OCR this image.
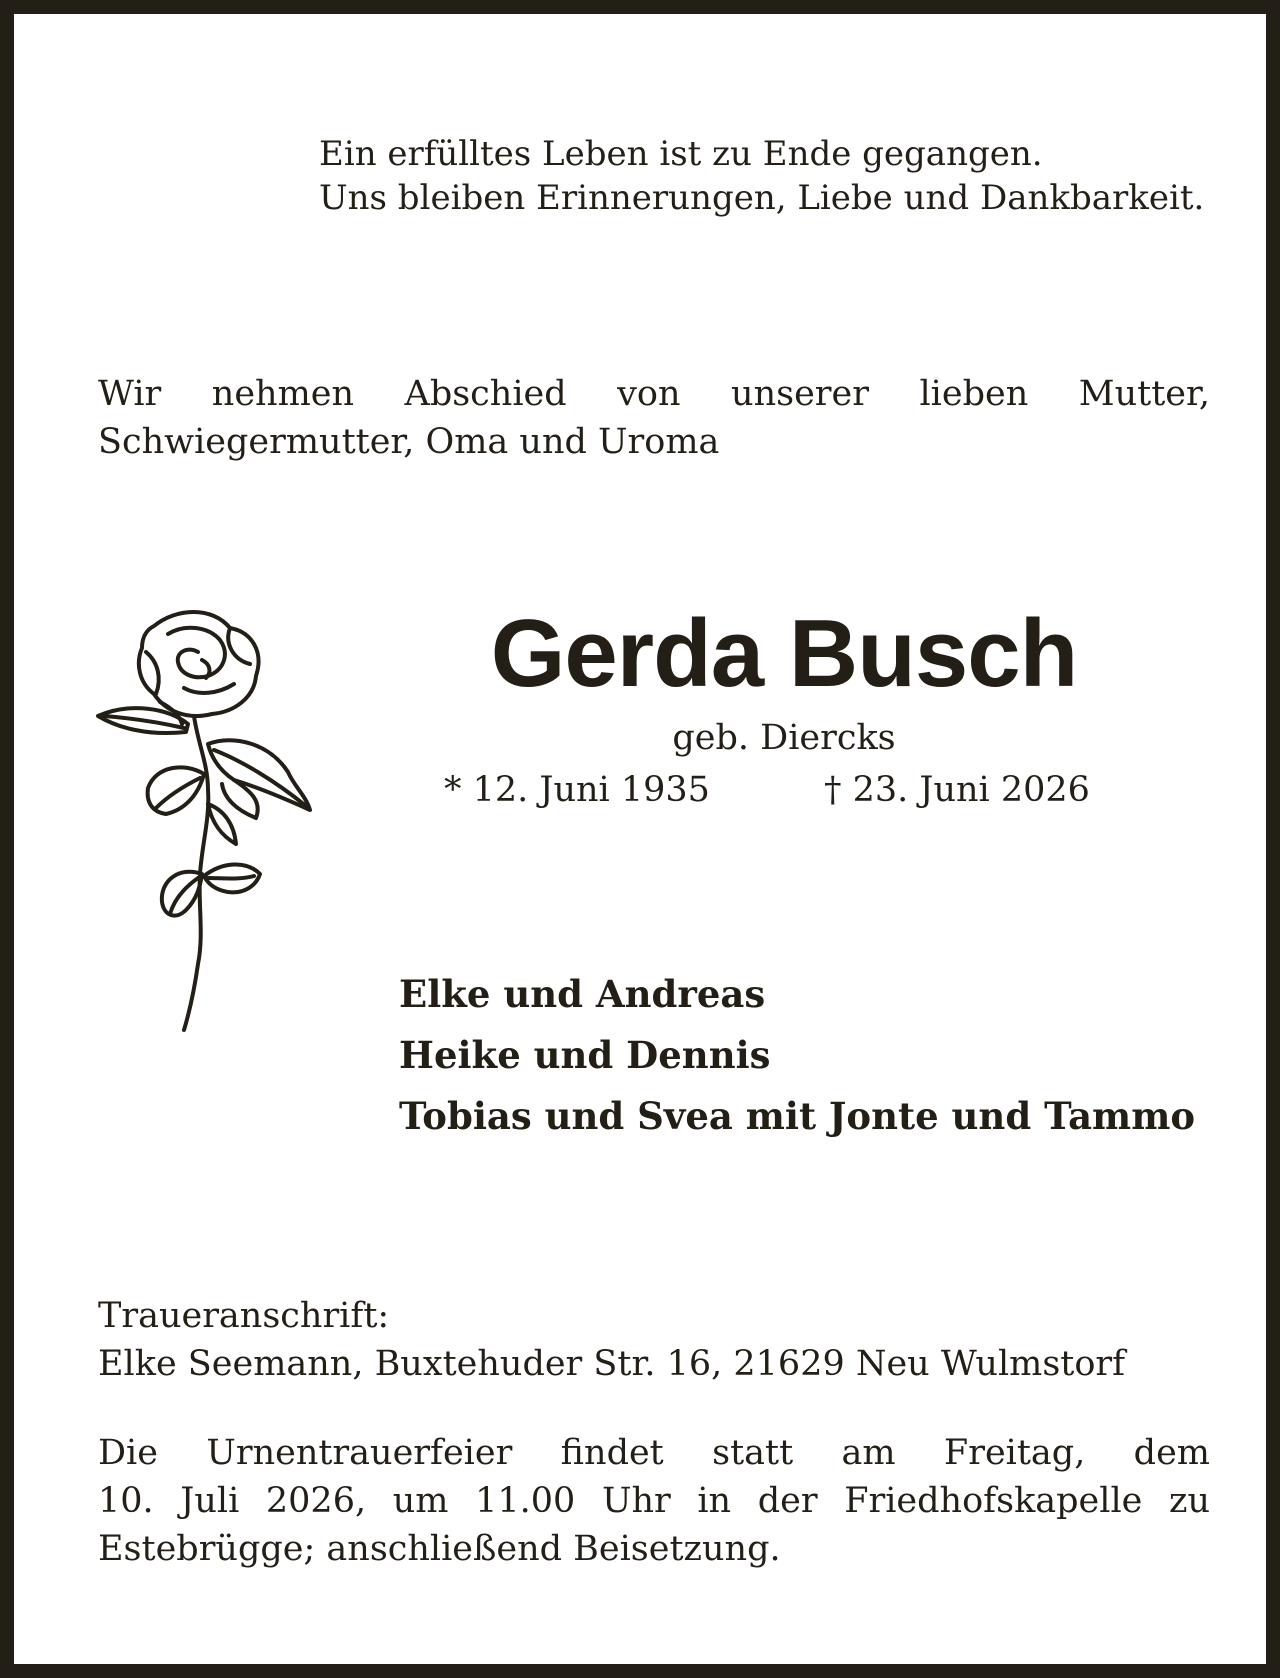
Ein erfülltes Leben ist zu Ende gegangen.
Uns bleiben Erinnerungen, Liebe und Dankbarkeit.
Wir nehmen Abschied von unserer lieben Mutter,
Schwiegermutter, Oma und Uroma
Gerda Busch
geb. Diercks
* 12. Juni 1935	† 23. Juni 2026
Elke und Andreas
Heike und Dennis
Tobias und Svea mit Jonte und Tammo
Traueranschrift:
Elke Seemann, Buxtehuder Str. 16, 21629 Neu Wulmstorf
Die Urnentrauerfeier findet statt am Freitag, dem
10. Juli 2026, um 11.00 Uhr in der Friedhofskapelle zu
Estebrügge; anschließend Beisetzung.
